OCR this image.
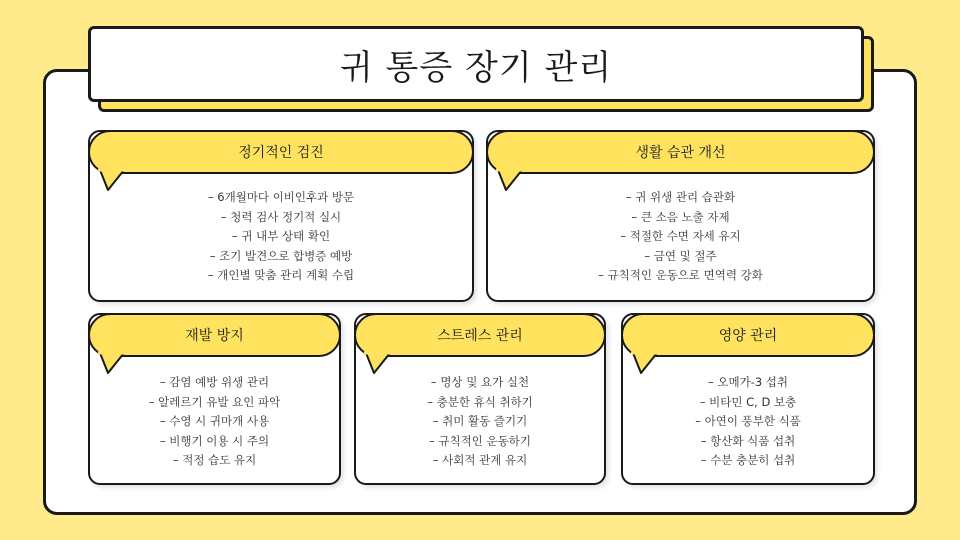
귀 통증 장기 관리
정기적인 검진
– 6개월마다 이비인후과 방문
– 청력 검사 정기적 실시
– 귀 내부 상태 확인
– 조기 발견으로 합병증 예방
– 개인별 맞춤 관리 계획 수립
생활 습관 개선
– 귀 위생 관리 습관화
– 큰 소음 노출 자제
– 적절한 수면 자세 유지
– 금연 및 절주
– 규칙적인 운동으로 면역력 강화
재발 방지
– 감염 예방 위생 관리
– 알레르기 유발 요인 파악
– 수영 시 귀마개 사용
– 비행기 이용 시 주의
– 적정 습도 유지
스트레스 관리
– 명상 및 요가 실천
– 충분한 휴식 취하기
– 취미 활동 즐기기
– 규칙적인 운동하기
– 사회적 관계 유지
영양 관리
– 오메가-3 섭취
– 비타민 C, D 보충
– 아연이 풍부한 식품
– 항산화 식품 섭취
– 수분 충분히 섭취
